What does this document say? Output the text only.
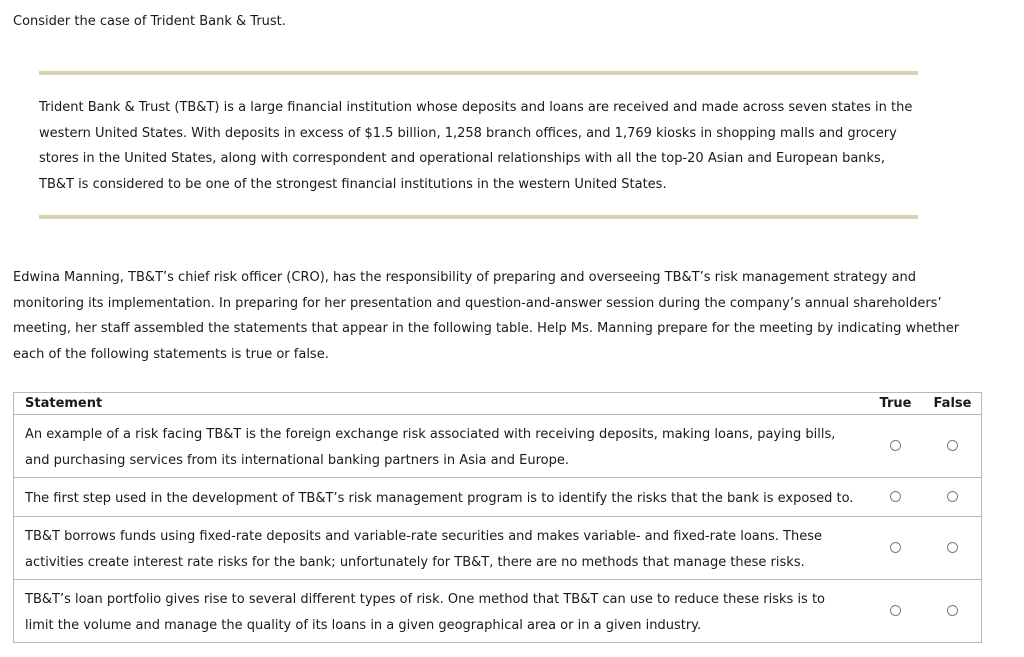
Consider the case of Trident Bank & Trust.

Trident Bank & Trust (TB&T) is a large financial institution whose deposits and loans are received and made across seven states in the western United States. With deposits in excess of $1.5 billion, 1,258 branch offices, and 1,769 kiosks in shopping malls and grocery stores in the United States, along with correspondent and operational relationships with all the top-20 Asian and European banks, TB&T is considered to be one of the strongest financial institutions in the western United States.

Edwina Manning, TB&T’s chief risk officer (CRO), has the responsibility of preparing and overseeing TB&T’s risk management strategy and monitoring its implementation. In preparing for her presentation and question-and-answer session during the company’s annual shareholders’ meeting, her staff assembled the statements that appear in the following table. Help Ms. Manning prepare for the meeting by indicating whether each of the following statements is true or false.

Statement	True	False
An example of a risk facing TB&T is the foreign exchange risk associated with receiving deposits, making loans, paying bills, and purchasing services from its international banking partners in Asia and Europe.		
The first step used in the development of TB&T’s risk management program is to identify the risks that the bank is exposed to.		
TB&T borrows funds using fixed-rate deposits and variable-rate securities and makes variable- and fixed-rate loans. These activities create interest rate risks for the bank; unfortunately for TB&T, there are no methods that manage these risks.		
TB&T’s loan portfolio gives rise to several different types of risk. One method that TB&T can use to reduce these risks is to limit the volume and manage the quality of its loans in a given geographical area or in a given industry.		
